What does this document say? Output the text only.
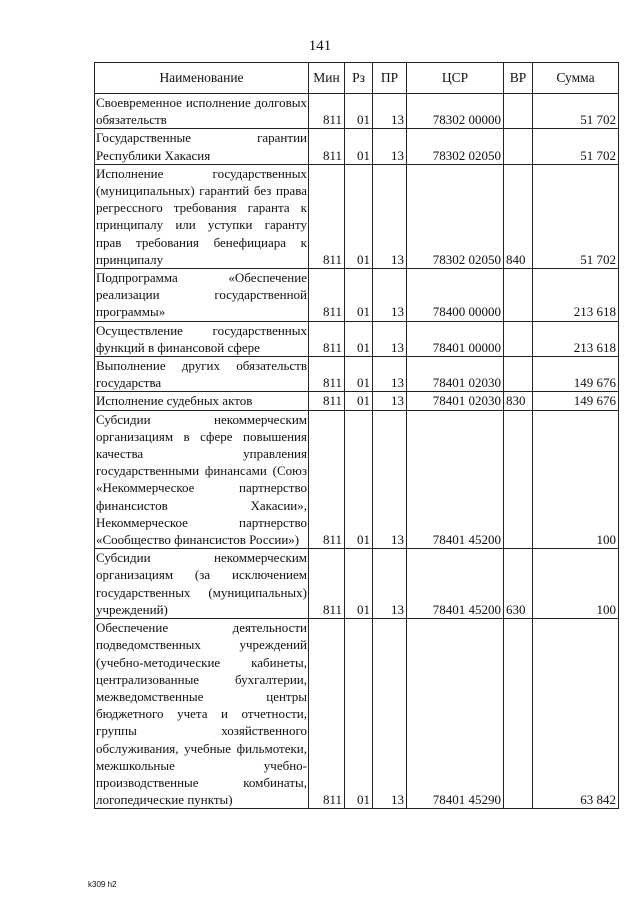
141
Наименование	Мин	Рз	ПР	ЦСР	ВР	Сумма
Своевременное исполнение долговых обязательств	811	01	13	78302 00000		51 702
Государственные гарантии Республики Хакасия	811	01	13	78302 02050		51 702
Исполнение государственных (муниципальных) гарантий без права регрессного требования гаранта к принципалу или уступки гаранту прав требования бенефициара к принципалу	811	01	13	78302 02050	840	51 702
Подпрограмма «Обеспечение реализации государственной программы»	811	01	13	78400 00000		213 618
Осуществление государственных функций в финансовой сфере	811	01	13	78401 00000		213 618
Выполнение других обязательств государства	811	01	13	78401 02030		149 676
Исполнение судебных актов	811	01	13	78401 02030	830	149 676
Субсидии некоммерческим организациям в сфере повышения качества управления государственными финансами (Союз «Некоммерческое партнерство финансистов Хакасии», Некоммерческое партнерство «Сообщество финансистов России»)	811	01	13	78401 45200		100
Субсидии некоммерческим организациям (за исключением государственных (муниципальных) учреждений)	811	01	13	78401 45200	630	100
Обеспечение деятельности подведомственных учреждений (учебно-методические кабинеты, централизованные бухгалтерии, межведомственные центры бюджетного учета и отчетности, группы хозяйственного обслуживания, учебные фильмотеки, межшкольные учебно-производственные комбинаты, логопедические пункты)	811	01	13	78401 45290		63 842
k309 h2
